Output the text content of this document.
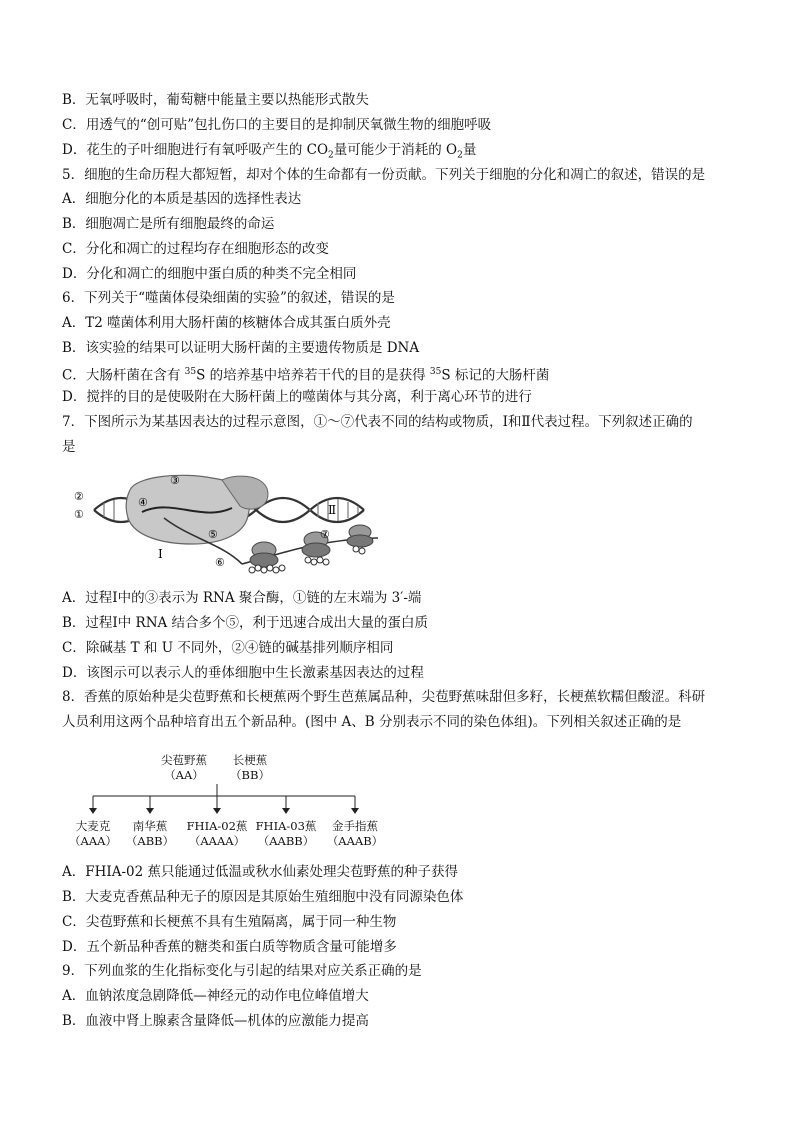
B．无氧呼吸时，葡萄糖中能量主要以热能形式散失
C．用透气的“创可贴”包扎伤口的主要目的是抑制厌氧微生物的细胞呼吸
D．花生的子叶细胞进行有氧呼吸产生的 $CO_2$量可能少于消耗的 $O_2$量
5．细胞的生命历程大都短暂，却对个体的生命都有一份贡献。下列关于细胞的分化和凋亡的叙述，错误的是
A．细胞分化的本质是基因的选择性表达
B．细胞凋亡是所有细胞最终的命运
C．分化和凋亡的过程均存在细胞形态的改变
D．分化和凋亡的细胞中蛋白质的种类不完全相同
6．下列关于“噬菌体侵染细菌的实验”的叙述，错误的是
A．T2 噬菌体利用大肠杆菌的核糖体合成其蛋白质外壳
B．该实验的结果可以证明大肠杆菌的主要遗传物质是 DNA
C．大肠杆菌在含有 $^{35}$S 的培养基中培养若干代的目的是获得 $^{35}$S 标记的大肠杆菌
D．搅拌的目的是使吸附在大肠杆菌上的噬菌体与其分离，利于离心环节的进行
7．下图所示为某基因表达的过程示意图，①～⑦代表不同的结构或物质，Ⅰ和Ⅱ代表过程。下列叙述正确的
是
②
③
①
④
⑤
⑥
⑦
Ⅰ
Ⅱ
A．过程Ⅰ中的③表示为 RNA 聚合酶，①链的左末端为 3′-端
B．过程Ⅰ中 RNA 结合多个⑤，利于迅速合成出大量的蛋白质
C．除碱基 T 和 U 不同外，②④链的碱基排列顺序相同
D．该图示可以表示人的垂体细胞中生长激素基因表达的过程
8．香蕉的原始种是尖苞野蕉和长梗蕉两个野生芭蕉属品种，尖苞野蕉味甜但多籽，长梗蕉软糯但酸涩。科研
人员利用这两个品种培育出五个新品种。(图中 A、B 分别表示不同的染色体组)。下列相关叙述正确的是
尖苞野蕉
（AA）
长梗蕉
（BB）
大麦克
（AAA）
南华蕉
（ABB）
FHIA-02蕉
（AAAA）
FHIA-03蕉
（AABB）
金手指蕉
（AAAB）
A．FHIA-02 蕉只能通过低温或秋水仙素处理尖苞野蕉的种子获得
B．大麦克香蕉品种无子的原因是其原始生殖细胞中没有同源染色体
C．尖苞野蕉和长梗蕉不具有生殖隔离，属于同一种生物
D．五个新品种香蕉的糖类和蛋白质等物质含量可能增多
9．下列血浆的生化指标变化与引起的结果对应关系正确的是
A．血钠浓度急剧降低—神经元的动作电位峰值增大
B．血液中肾上腺素含量降低—机体的应激能力提高
